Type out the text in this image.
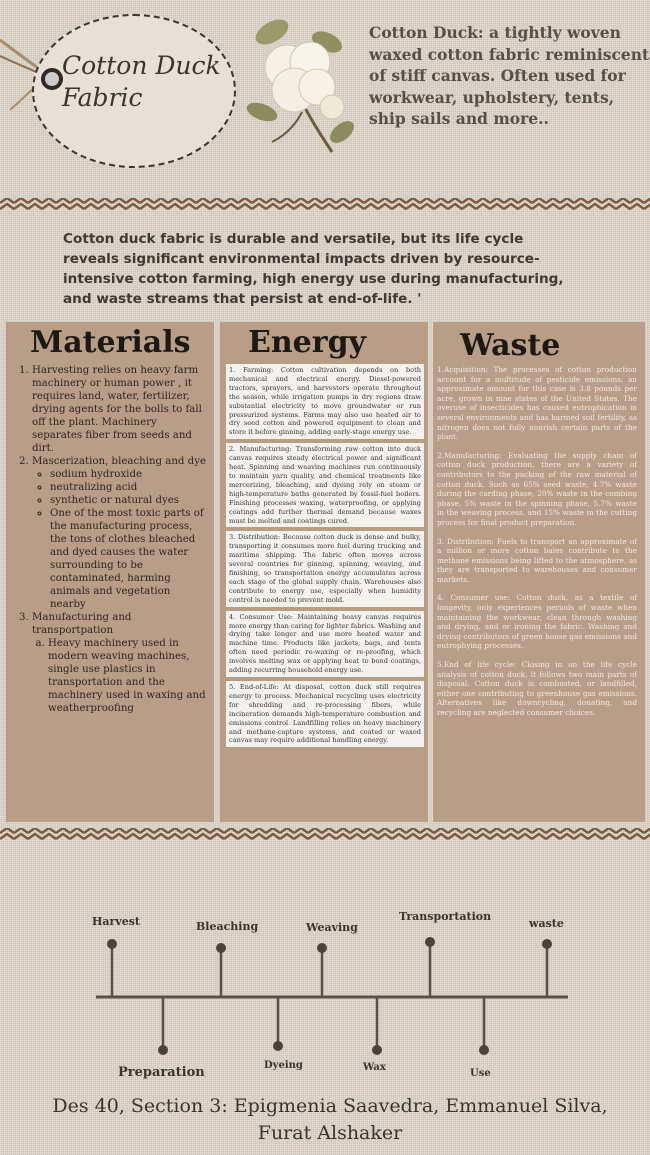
Cotton Duck
Fabric
Cotton Duck: a tightly woven waxed cotton fabric reminiscent of stiff canvas. Often used for workwear, upholstery, tents, ship sails and more..
Cotton duck fabric is durable and versatile, but its life cycle reveals significant environmental impacts driven by resource-intensive cotton farming, high energy use during manufacturing, and waste streams that persist at end-of-life. '
Materials Energy	Waste
1. Harvesting relies on heavy farm machinery or human power , it requires land, water, fertilizer, drying agents for the bolls to fall off the plant. Machinery separates fiber from seeds and dirt.
2. Mascerization, bleaching and dye
◦ sodium hydroxide
◦ neutralizing acid
◦ synthetic or natural dyes
◦ One of the most toxic parts of the manufacturing process, the tons of clothes bleached and dyed causes the water surrounding to be contaminated, harming animals and vegetation nearby
3. Manufacturing and transportpation
a. Heavy machinery used in modern weaving machines, single use plastics in transportation and the machinery used in waxing and weatherproofing
1. Farming: Cotton cultivation depends on both mechanical and electrical energy. Diesel-powered tractors, sprayers, and harvesters operate throughout the season, while irrigation pumps in dry regions draw substantial electricity to move groundwater or run pressurized systems. Farms may also use heated air to dry seed cotton and powered equipment to clean and store it before ginning, adding early-stage energy use.
2. Manufacturing: Transforming raw cotton into duck canvas requires steady electrical power and significant heat. Spinning and weaving machines run continuously to maintain yarn quality, and chemical treatments like mercerizing, bleaching, and dyeing rely on steam or high-temperature baths generated by fossil-fuel boilers. Finishing processes waxing, waterproofing, or applying coatings add further thermal demand because waxes must be melted and coatings cured.
3. Distribution: Because cotton duck is dense and bulky, transporting it consumes more fuel during trucking and maritime shipping. The fabric often moves across several countries for ginning, spinning, weaving, and finishing, so transportation energy accumulates across each stage of the global supply chain. Warehouses also contribute to energy use, especially when humidity control is needed to prevent mold.
4. Consumer Use: Maintaining heavy canvas requires more energy than caring for lighter fabrics. Washing and drying take longer and use more heated water and machine time. Products like jackets, bags, and tents often need periodic re-waxing or re-proofing, which involves melting wax or applying heat to bond coatings, adding recurring household energy use.
5. End-of-Life: At disposal, cotton duck still requires energy to process. Mechanical recycling uses electricity for shredding and re-processing fibers, while incineration demands high-temperature combustion and emissions control. Landfilling relies on heavy machinery and methane-capture systems, and coated or waxed canvas may require additional handling energy.

1.Acquisition: The processes of cotton production account for a multitude of pesticide emissions; an approximate amount for this case is 3.8 pounds per acre, grown in nine states of the United States. The overuse of insecticides has caused eutrophication in several environments and has harmed soil fertility, as nitrogen does not fully nourish certain parts of the plant.

2.Manufacturing: Evaluating the supply chain of cotton duck production, there are a variety of contributors to the packing of the raw material of cotton duck. Such as 65% seed waste, 4.7% waste during the carding phase, 20% waste in the combing phase, 5% waste in the spinning phase, 5.7% waste in the weaving process, and 15% waste in the cutting process for final product preparation.

3. Distribution: Fuels to transport an approximate of a million or more cotton bales contribute to the methane emissions being lifted to the atmosphere, as they are transported to warehouses and consumer markets.

4. Consumer use: Cotton duck, as a textile of longevity, only experiences periods of waste when maintaining the workwear, clean through washing and drying, and or ironing the fabric. Washing and drying contributors of green house gas emissions and eutrophying processes.

5.End of life cycle: Closing in on the life cycle analysis of cotton duck, it follows two main parts of disposal. Cotton duck is combusted, or landfilled, either one contributing to greenhouse gas emissions. Alternatives like downcycling, donating, and recycling are neglected consumer choices.

Harvest	Bleaching	Weaving
Transportation
waste
Preparation	Dyeing	Wax
Use
Des 40, Section 3: Epigmenia Saavedra, Emmanuel Silva, Furat Alshaker
